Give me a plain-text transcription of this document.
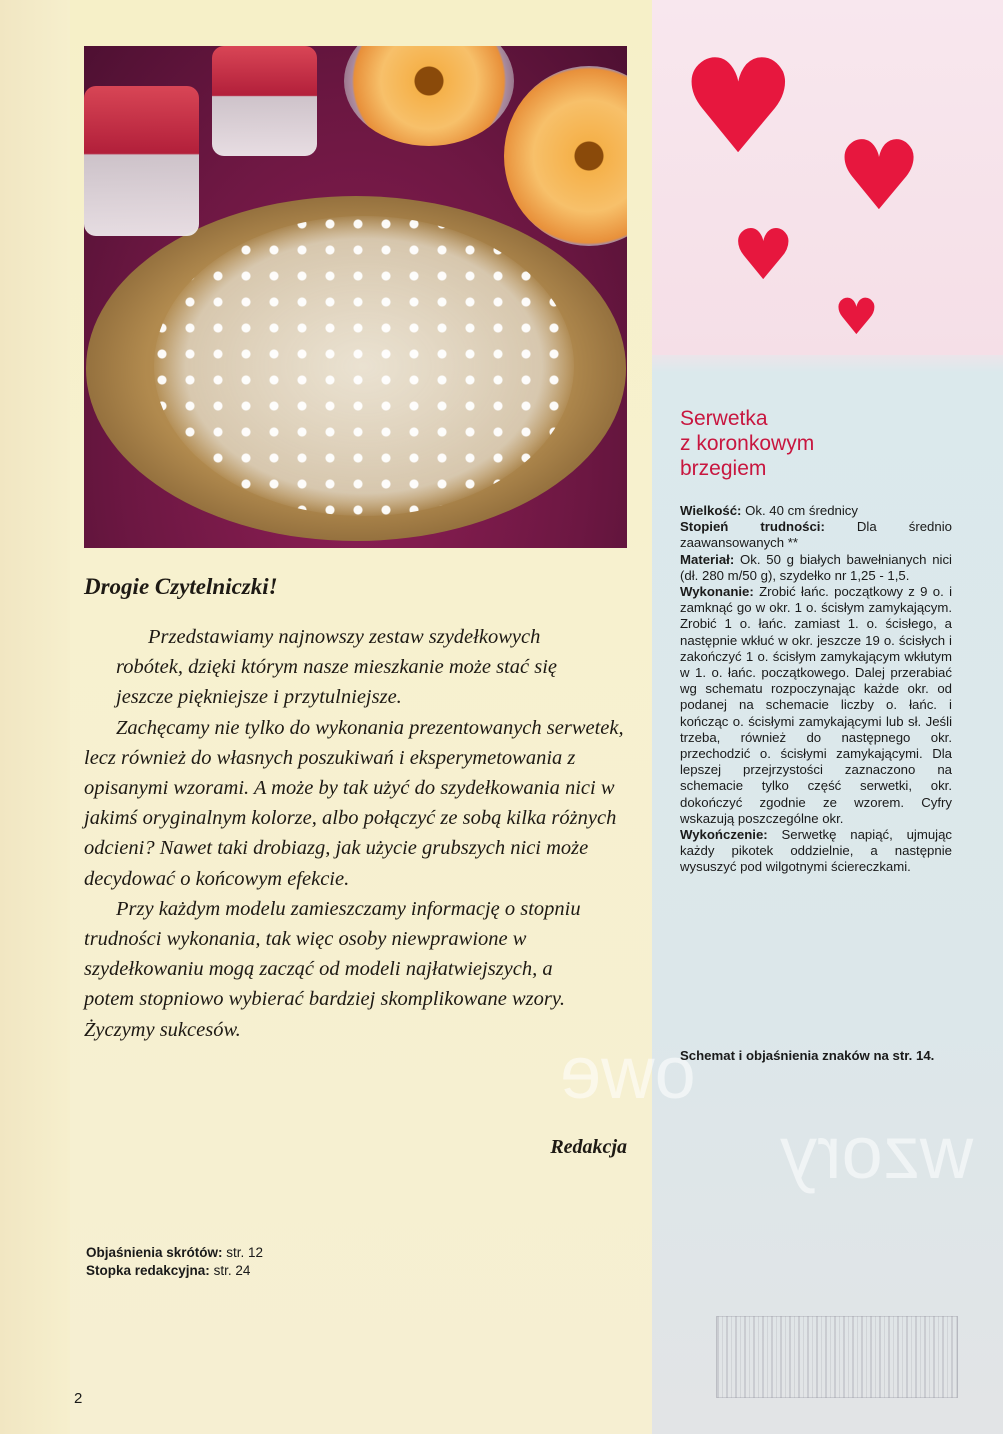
owe
wzory
♥ ♥
♥
♥
Drogie Czytelniczki!

Przedstawiamy najnowszy zestaw szydełkowych robótek, dzięki którym nasze mieszkanie może stać się jeszcze piękniejsze i przytulniejsze.

Zachęcamy nie tylko do wykonania prezentowanych serwetek, lecz również do własnych poszukiwań i eksperymetowania z opisanymi wzorami. A może by tak użyć do szydełkowania nici w jakimś oryginalnym kolorze, albo połączyć ze sobą kilka różnych odcieni? Nawet taki drobiazg, jak użycie grubszych nici może decydować o końcowym efekcie.

Przy każdym modelu zamieszczamy informację o stopniu trudności wykonania, tak więc osoby niewprawione w szydełkowaniu mogą zacząć od modeli najłatwiejszych, a potem stopniowo wybierać bardziej skomplikowane wzory.

Życzymy sukcesów.

Redakcja
Objaśnienia skrótów: str. 12
Stopka redakcyjna: str. 24
2
Serwetka
z koronkowym
brzegiem

Wielkość: Ok. 40 cm średnicy

Stopień trudności: Dla średnio zaawansowanych **

Materiał: Ok. 50 g białych bawełnianych nici (dł. 280 m/50 g), szydełko nr 1,25 - 1,5.

Wykonanie: Zrobić łańc. początkowy z 9 o. i zamknąć go w okr. 1 o. ścisłym zamykającym. Zrobić 1 o. łańc. zamiast 1. o. ścisłego, a następnie wkłuć w okr. jeszcze 19 o. ścisłych i zakończyć 1 o. ścisłym zamykającym wkłutym w 1. o. łańc. początkowego. Dalej przerabiać wg schematu rozpoczynając każde okr. od podanej na schemacie liczby o. łańc. i kończąc o. ścisłymi zamykającymi lub sł. Jeśli trzeba, również do następnego okr. przechodzić o. ścisłymi zamykającymi. Dla lepszej przejrzystości zaznaczono na schemacie tylko część serwetki, okr. dokończyć zgodnie ze wzorem. Cyfry wskazują poszczególne okr.

Wykończenie: Serwetkę napiąć, ujmując każdy pikotek oddzielnie, a następnie wysuszyć pod wilgotnymi ściereczkami.

Schemat i objaśnienia znaków na str. 14.
